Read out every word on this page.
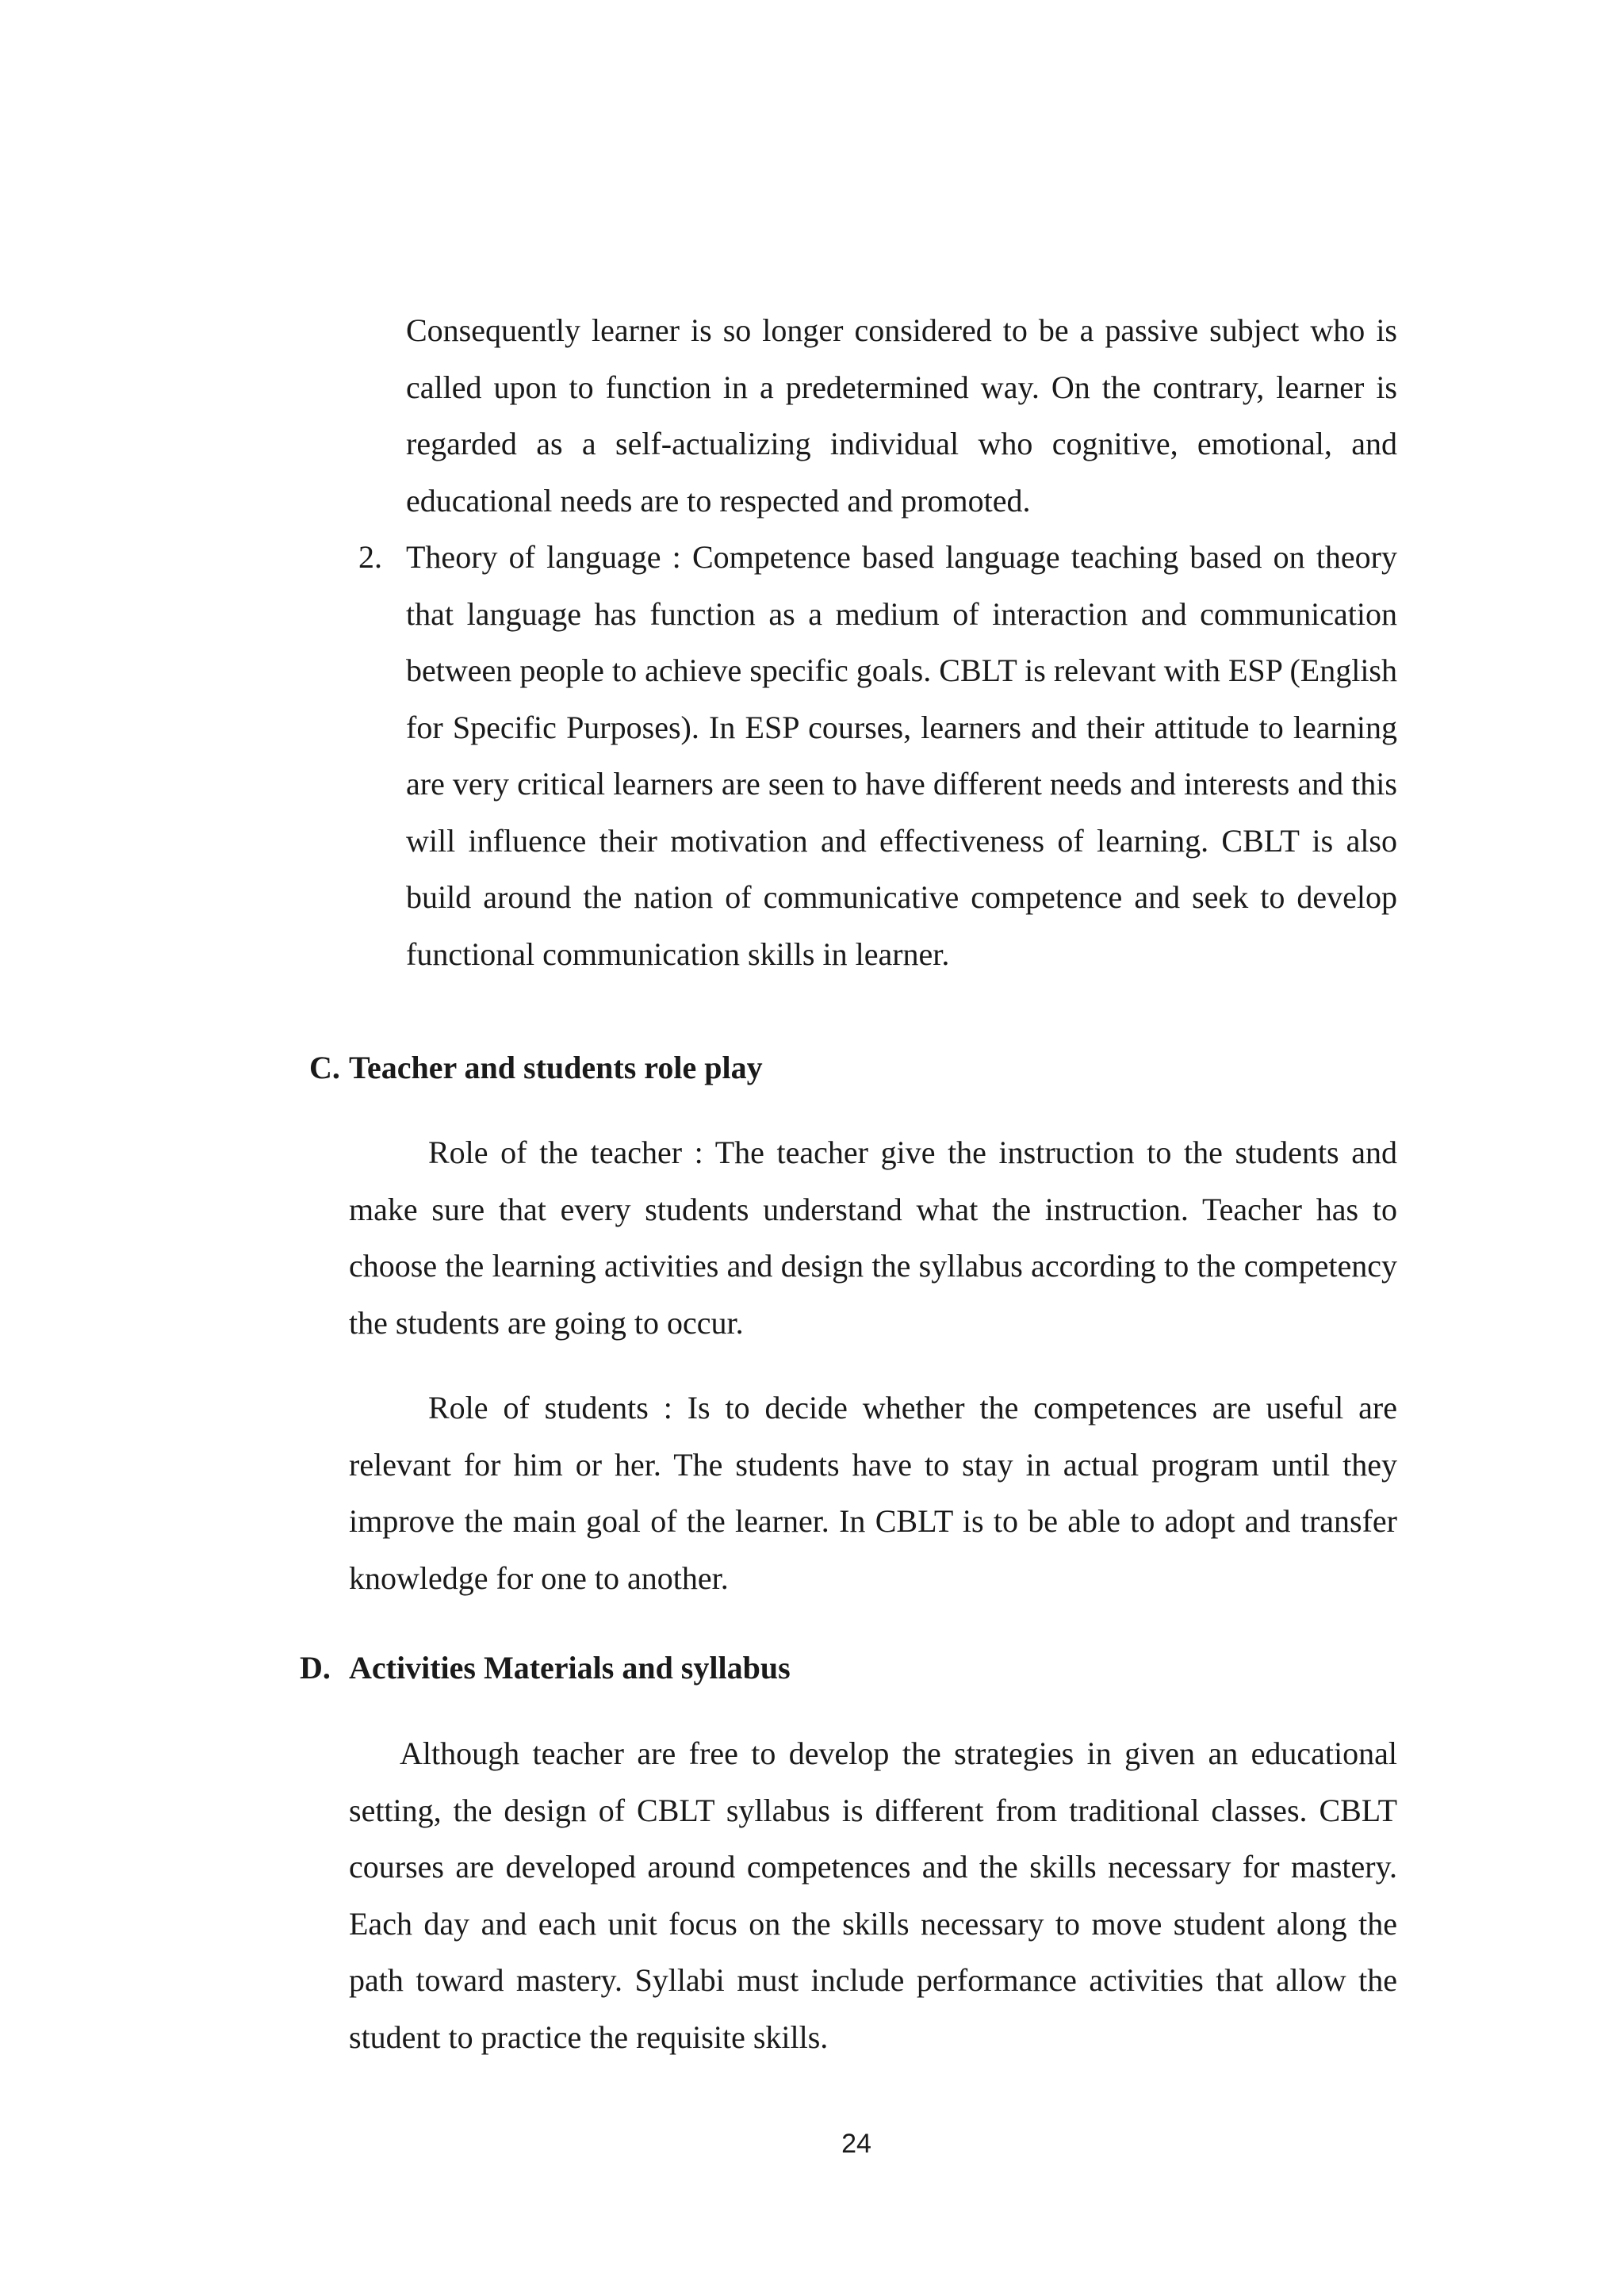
Consequently learner is so longer considered to be a passive subject who is called upon to function in a predetermined way. On the contrary, learner is regarded as a self-actualizing individual who cognitive, emotional, and educational needs are to respected and promoted.

2. Theory of language : Competence based language teaching based on theory that language has function as a medium of interaction and communication between people to achieve specific goals. CBLT is relevant with ESP (English for Specific Purposes). In ESP courses, learners and their attitude to learning are very critical learners are seen to have different needs and interests and this will influence their motivation and effectiveness of learning. CBLT is also build around the nation of communicative competence and seek to develop functional communication skills in learner.
C. Teacher and students role play

Role of the teacher : The teacher give the instruction to the students and make sure that every students understand what the instruction. Teacher has to choose the learning activities and design the syllabus according to the competency the students are going to occur.

Role of students : Is to decide whether the competences are useful are relevant for him or her. The students have to stay in actual program until they improve the main goal of the learner. In CBLT is to be able to adopt and transfer knowledge for one to another.

D. Activities Materials and syllabus

Although teacher are free to develop the strategies in given an educational setting, the design of CBLT syllabus is different from traditional classes. CBLT courses are developed around competences and the skills necessary for mastery. Each day and each unit focus on the skills necessary to move student along the path toward mastery. Syllabi must include performance activities that allow the student to practice the requisite skills.

24
